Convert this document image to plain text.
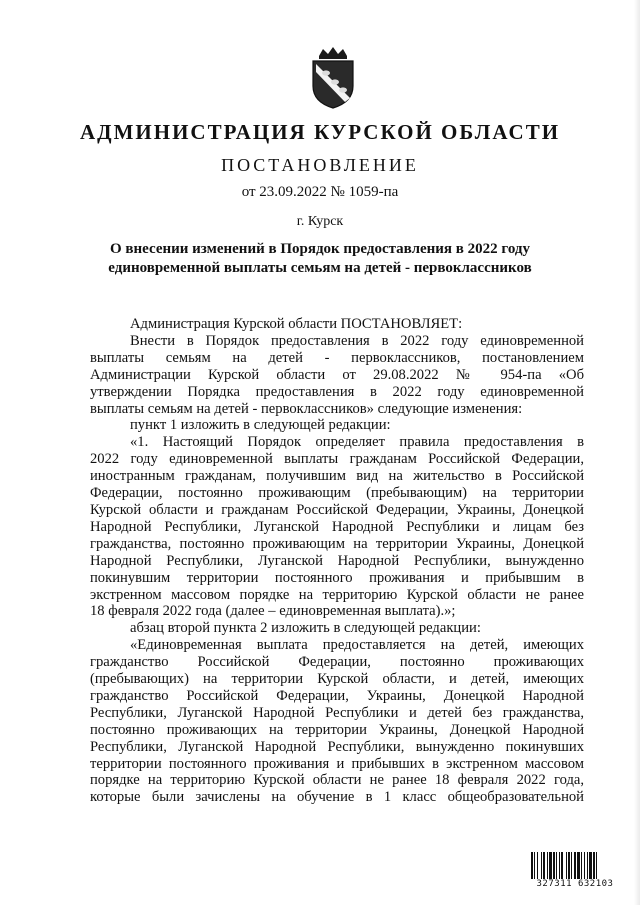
АДМИНИСТРАЦИЯ КУРСКОЙ ОБЛАСТИ
ПОСТАНОВЛЕНИЕ
от 23.09.2022 № 1059-па
г. Курск
О внесении изменений в Порядок предоставления в 2022 году
единовременной выплаты семьям на детей - первоклассников

Администрация Курской области ПОСТАНОВЛЯЕТ:

Внести в Порядок предоставления в 2022 году единовременной

выплаты семьям на детей - первоклассников, постановлением

Администрации Курской области от 29.08.2022 № 954-па «Об

утверждении Порядка предоставления в 2022 году единовременной

выплаты семьям на детей - первоклассников» следующие изменения:

пункт 1 изложить в следующей редакции:

«1. Настоящий Порядок определяет правила предоставления в

2022 году единовременной выплаты гражданам Российской Федерации,

иностранным гражданам, получившим вид на жительство в Российской

Федерации, постоянно проживающим (пребывающим) на территории

Курской области и гражданам Российской Федерации, Украины, Донецкой

Народной Республики, Луганской Народной Республики и лицам без

гражданства, постоянно проживающим на территории Украины, Донецкой

Народной Республики, Луганской Народной Республики, вынужденно

покинувшим территории постоянного проживания и прибывшим в

экстренном массовом порядке на территорию Курской области не ранее

18 февраля 2022 года (далее – единовременная выплата).»;

абзац второй пункта 2 изложить в следующей редакции:

«Единовременная выплата предоставляется на детей, имеющих

гражданство Российской Федерации, постоянно проживающих

(пребывающих) на территории Курской области, и детей, имеющих

гражданство Российской Федерации, Украины, Донецкой Народной

Республики, Луганской Народной Республики и детей без гражданства,

постоянно проживающих на территории Украины, Донецкой Народной

Республики, Луганской Народной Республики, вынужденно покинувших

территории постоянного проживания и прибывших в экстренном массовом

порядке на территорию Курской области не ранее 18 февраля 2022 года,

которые были зачислены на обучение в 1 класс общеобразовательной

327311 632103
